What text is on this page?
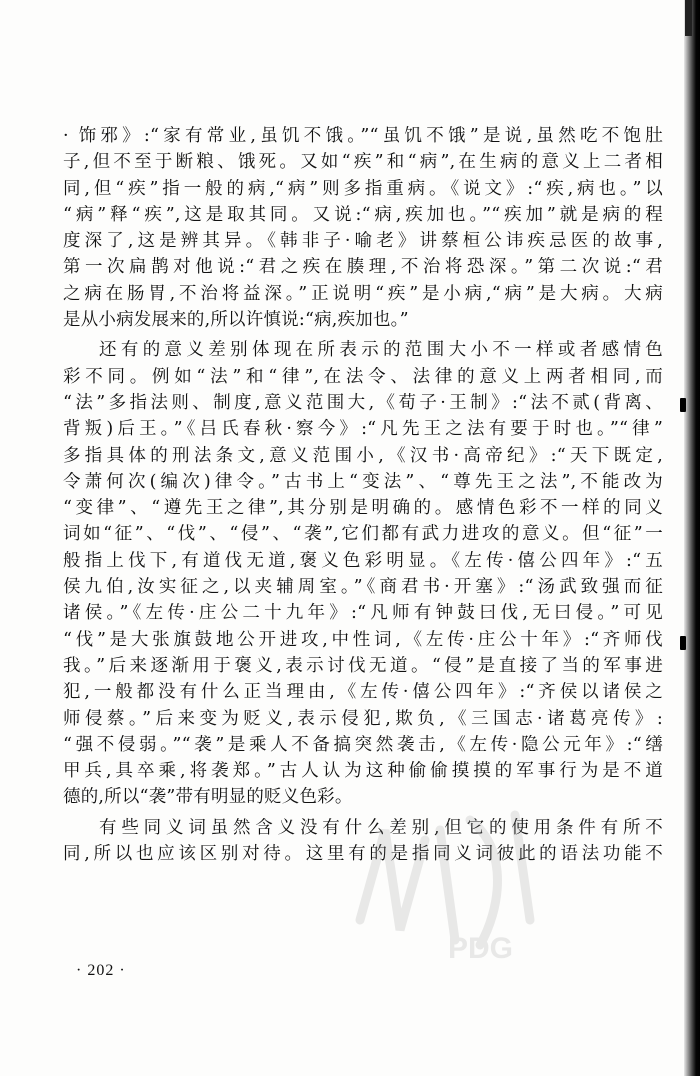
· 饰邪》:“家有常业,虽饥不饿。”“虽饥不饿”是说,虽然吃不饱肚
子,但不至于断粮、饿死。又如“疾”和“病”,在生病的意义上二者相
同,但“疾”指一般的病,“病”则多指重病。《说文》:“疾,病也。”以
“病”释“疾”,这是取其同。又说:“病,疾加也。”“疾加”就是病的程
度深了,这是辨其异。《韩非子·喻老》讲蔡桓公讳疾忌医的故事,
第一次扁鹊对他说:“君之疾在腠理,不治将恐深。”第二次说:“君
之病在肠胃,不治将益深。”正说明“疾”是小病,“病”是大病。大病
是从小病发展来的,所以许慎说:“病,疾加也。”
还有的意义差别体现在所表示的范围大小不一样或者感情色
彩不同。例如“法”和“律”,在法令、法律的意义上两者相同,而
“法”多指法则、制度,意义范围大,《荀子·王制》:“法不贰(背离、
背叛)后王。”《吕氏春秋·察今》:“凡先王之法有要于时也。”“律”
多指具体的刑法条文,意义范围小,《汉书·高帝纪》:“天下既定,
令萧何次(编次)律令。”古书上“变法”、“尊先王之法”,不能改为
“变律”、“遵先王之律”,其分别是明确的。感情色彩不一样的同义
词如“征”、“伐”、“侵”、“袭”,它们都有武力进攻的意义。但“征”一
般指上伐下,有道伐无道,褒义色彩明显。《左传·僖公四年》:“五
侯九伯,汝实征之,以夹辅周室。”《商君书·开塞》:“汤武致强而征
诸侯。”《左传·庄公二十九年》:“凡师有钟鼓曰伐,无曰侵。”可见
“伐”是大张旗鼓地公开进攻,中性词,《左传·庄公十年》:“齐师伐
我。”后来逐渐用于褒义,表示讨伐无道。“侵”是直接了当的军事进
犯,一般都没有什么正当理由,《左传·僖公四年》:“齐侯以诸侯之
师侵蔡。”后来变为贬义,表示侵犯,欺负,《三国志·诸葛亮传》:
“强不侵弱。”“袭”是乘人不备搞突然袭击,《左传·隐公元年》:“缮
甲兵,具卒乘,将袭郑。”古人认为这种偷偷摸摸的军事行为是不道
德的,所以“袭”带有明显的贬义色彩。
有些同义词虽然含义没有什么差别,但它的使用条件有所不
同,所以也应该区别对待。这里有的是指同义词彼此的语法功能不
· 202 ·
PDG
